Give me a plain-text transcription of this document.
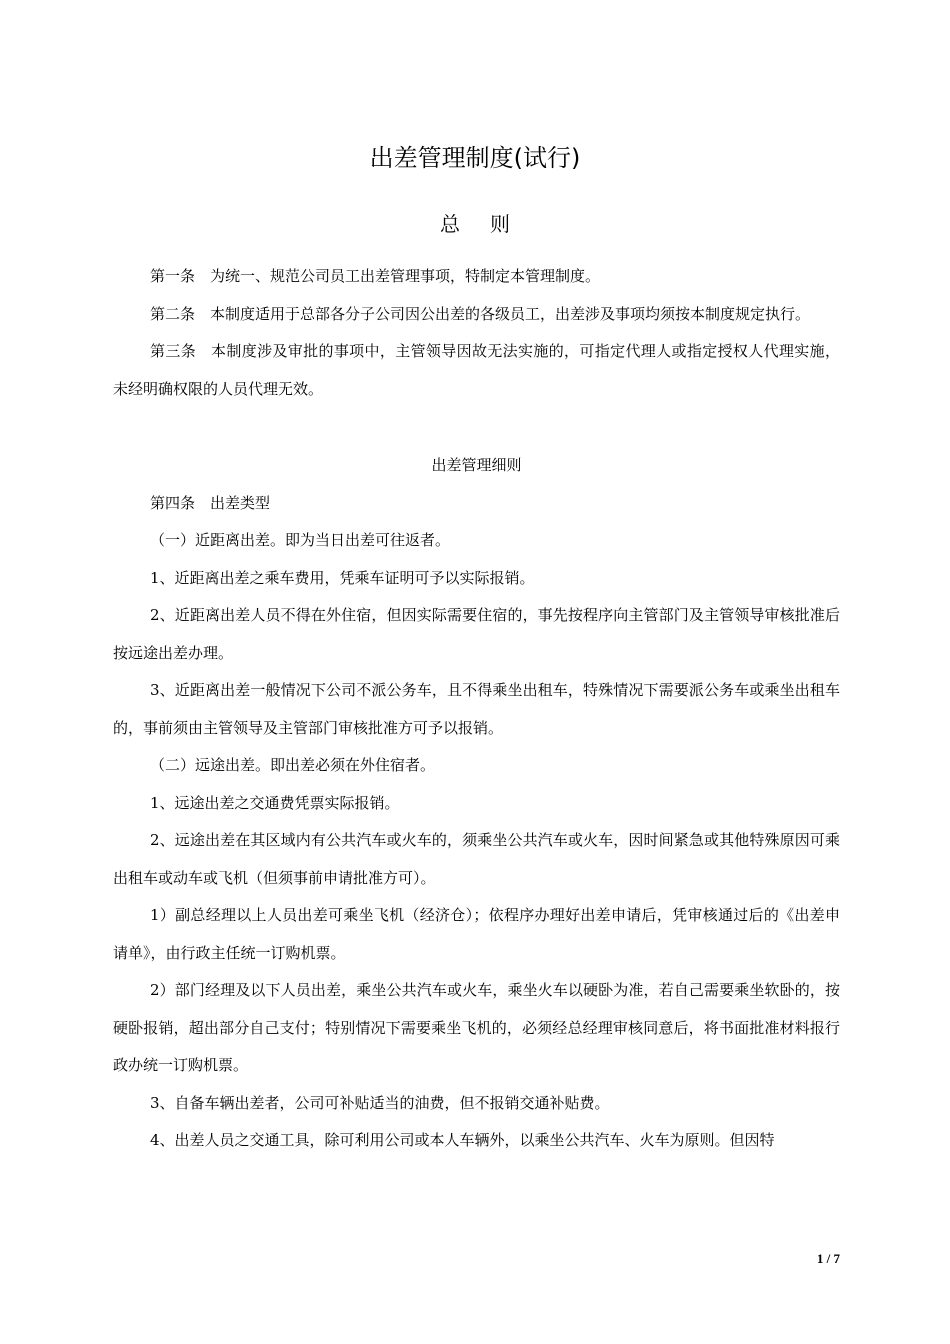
出差管理制度(试行)
总   则

第一条 为统一、规范公司员工出差管理事项，特制定本管理制度。

第二条 本制度适用于总部各分子公司因公出差的各级员工，出差涉及事项均须按本制度规定执行。

第三条 本制度涉及审批的事项中，主管领导因故无法实施的，可指定代理人或指定授权人代理实施，未经明确权限的人员代理无效。

出差管理细则

第四条 出差类型

（一）近距离出差。即为当日出差可往返者。

1、近距离出差之乘车费用，凭乘车证明可予以实际报销。

2、近距离出差人员不得在外住宿，但因实际需要住宿的，事先按程序向主管部门及主管领导审核批准后按远途出差办理。

3、近距离出差一般情况下公司不派公务车，且不得乘坐出租车，特殊情况下需要派公务车或乘坐出租车的，事前须由主管领导及主管部门审核批准方可予以报销。

（二）远途出差。即出差必须在外住宿者。

1、远途出差之交通费凭票实际报销。

2、远途出差在其区域内有公共汽车或火车的，须乘坐公共汽车或火车，因时间紧急或其他特殊原因可乘出租车或动车或飞机（但须事前申请批准方可）。

1）副总经理以上人员出差可乘坐飞机（经济仓）；依程序办理好出差申请后，凭审核通过后的《出差申请单》，由行政主任统一订购机票。

2）部门经理及以下人员出差，乘坐公共汽车或火车，乘坐火车以硬卧为准，若自己需要乘坐软卧的，按硬卧报销，超出部分自己支付；特别情况下需要乘坐飞机的，必须经总经理审核同意后，将书面批准材料报行政办统一订购机票。

3、自备车辆出差者，公司可补贴适当的油费，但不报销交通补贴费。

4、出差人员之交通工具，除可利用公司或本人车辆外，以乘坐公共汽车、火车为原则。但因特

1 / 7
